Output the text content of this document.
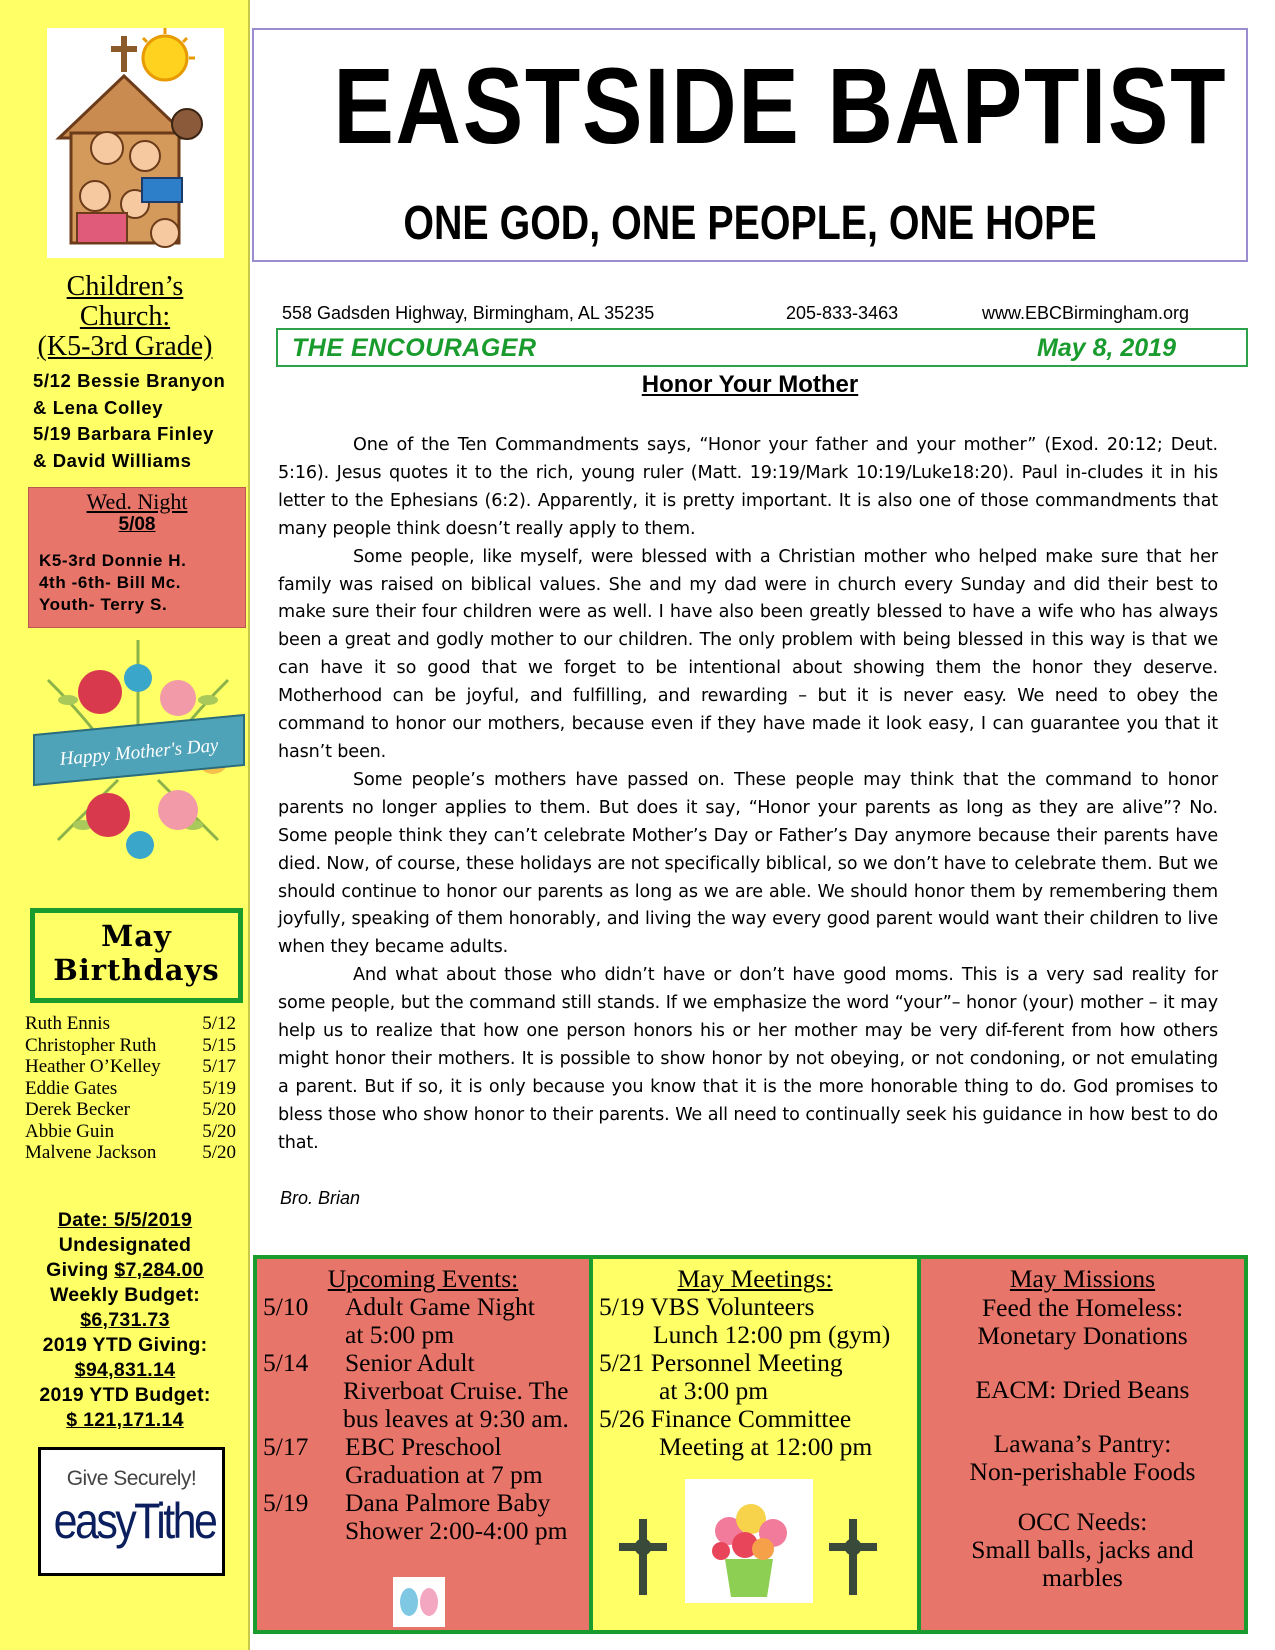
Children’s
Church:
(K5-3rd Grade)
5/12 Bessie Branyon
& Lena Colley
5/19 Barbara Finley
& David Williams
Wed. Night
5/08
K5-3rd Donnie H.
4th -6th- Bill Mc.
Youth- Terry S.
Happy Mother's Day
May
Birthdays
Ruth Ennis	5/12
Christopher Ruth 5/15
Heather O’Kelley 5/17
Eddie Gates	5/19
Derek Becker	5/20
Abbie Guin	5/20
Malvene Jackson 5/20
Date: 5/5/2019
Undesignated
Giving $7,284.00
Weekly Budget:
$6,731.73
2019 YTD Giving:
$94,831.14
2019 YTD Budget:
$ 121,171.14
Give Securely!
easyTithe
EASTSIDE BAPTIST
ONE GOD, ONE PEOPLE, ONE HOPE
558 Gadsden Highway, Birmingham, AL 35235	205-833-3463	www.EBCBirmingham.org
THE ENCOURAGER	May 8, 2019
Honor Your Mother

One of the Ten Commandments says, “Honor your father and your mother” (Exod. 20:12; Deut. 5:16). Jesus quotes it to the rich, young ruler (Matt. 19:19/Mark 10:19/Luke18:20). Paul in-cludes it in his letter to the Ephesians (6:2). Apparently, it is pretty important. It is also one of those commandments that many people think doesn’t really apply to them.

Some people, like myself, were blessed with a Christian mother who helped make sure that her family was raised on biblical values. She and my dad were in church every Sunday and did their best to make sure their four children were as well. I have also been greatly blessed to have a wife who has always been a great and godly mother to our children. The only problem with being blessed in this way is that we can have it so good that we forget to be intentional about showing them the honor they deserve. Motherhood can be joyful, and fulfilling, and rewarding – but it is never easy. We need to obey the command to honor our mothers, because even if they have made it look easy, I can guarantee you that it hasn’t been.

Some people’s mothers have passed on. These people may think that the command to honor parents no longer applies to them. But does it say, “Honor your parents as long as they are alive”? No. Some people think they can’t celebrate Mother’s Day or Father’s Day anymore because their parents have died. Now, of course, these holidays are not specifically biblical, so we don’t have to celebrate them. But we should continue to honor our parents as long as we are able. We should honor them by remembering them joyfully, speaking of them honorably, and living the way every good parent would want their children to live when they became adults.

And what about those who didn’t have or don’t have good moms. This is a very sad reality for some people, but the command still stands. If we emphasize the word “your”– honor (your) mother – it may help us to realize that how one person honors his or her mother may be very dif-ferent from how others might honor their mothers. It is possible to show honor by not obeying, or not condoning, or not emulating a parent. But if so, it is only because you know that it is the more honorable thing to do. God promises to bless those who show honor to their parents. We all need to continually seek his guidance in how best to do that.

Bro. Brian
Upcoming Events:
5/10 Adult Game Night
at 5:00 pm
5/14 Senior Adult
Riverboat Cruise. The
bus leaves at 9:30 am.
5/17 EBC Preschool
Graduation at 7 pm
5/19 Dana Palmore Baby
Shower 2:00-4:00 pm
May Meetings:
5/19 VBS Volunteers
Lunch 12:00 pm (gym)
5/21 Personnel Meeting
at 3:00 pm
5/26 Finance Committee
Meeting at 12:00 pm
May Missions
Feed the Homeless:
Monetary Donations
EACM: Dried Beans
Lawana’s Pantry:
Non-perishable Foods
OCC Needs:
Small balls, jacks and
marbles
